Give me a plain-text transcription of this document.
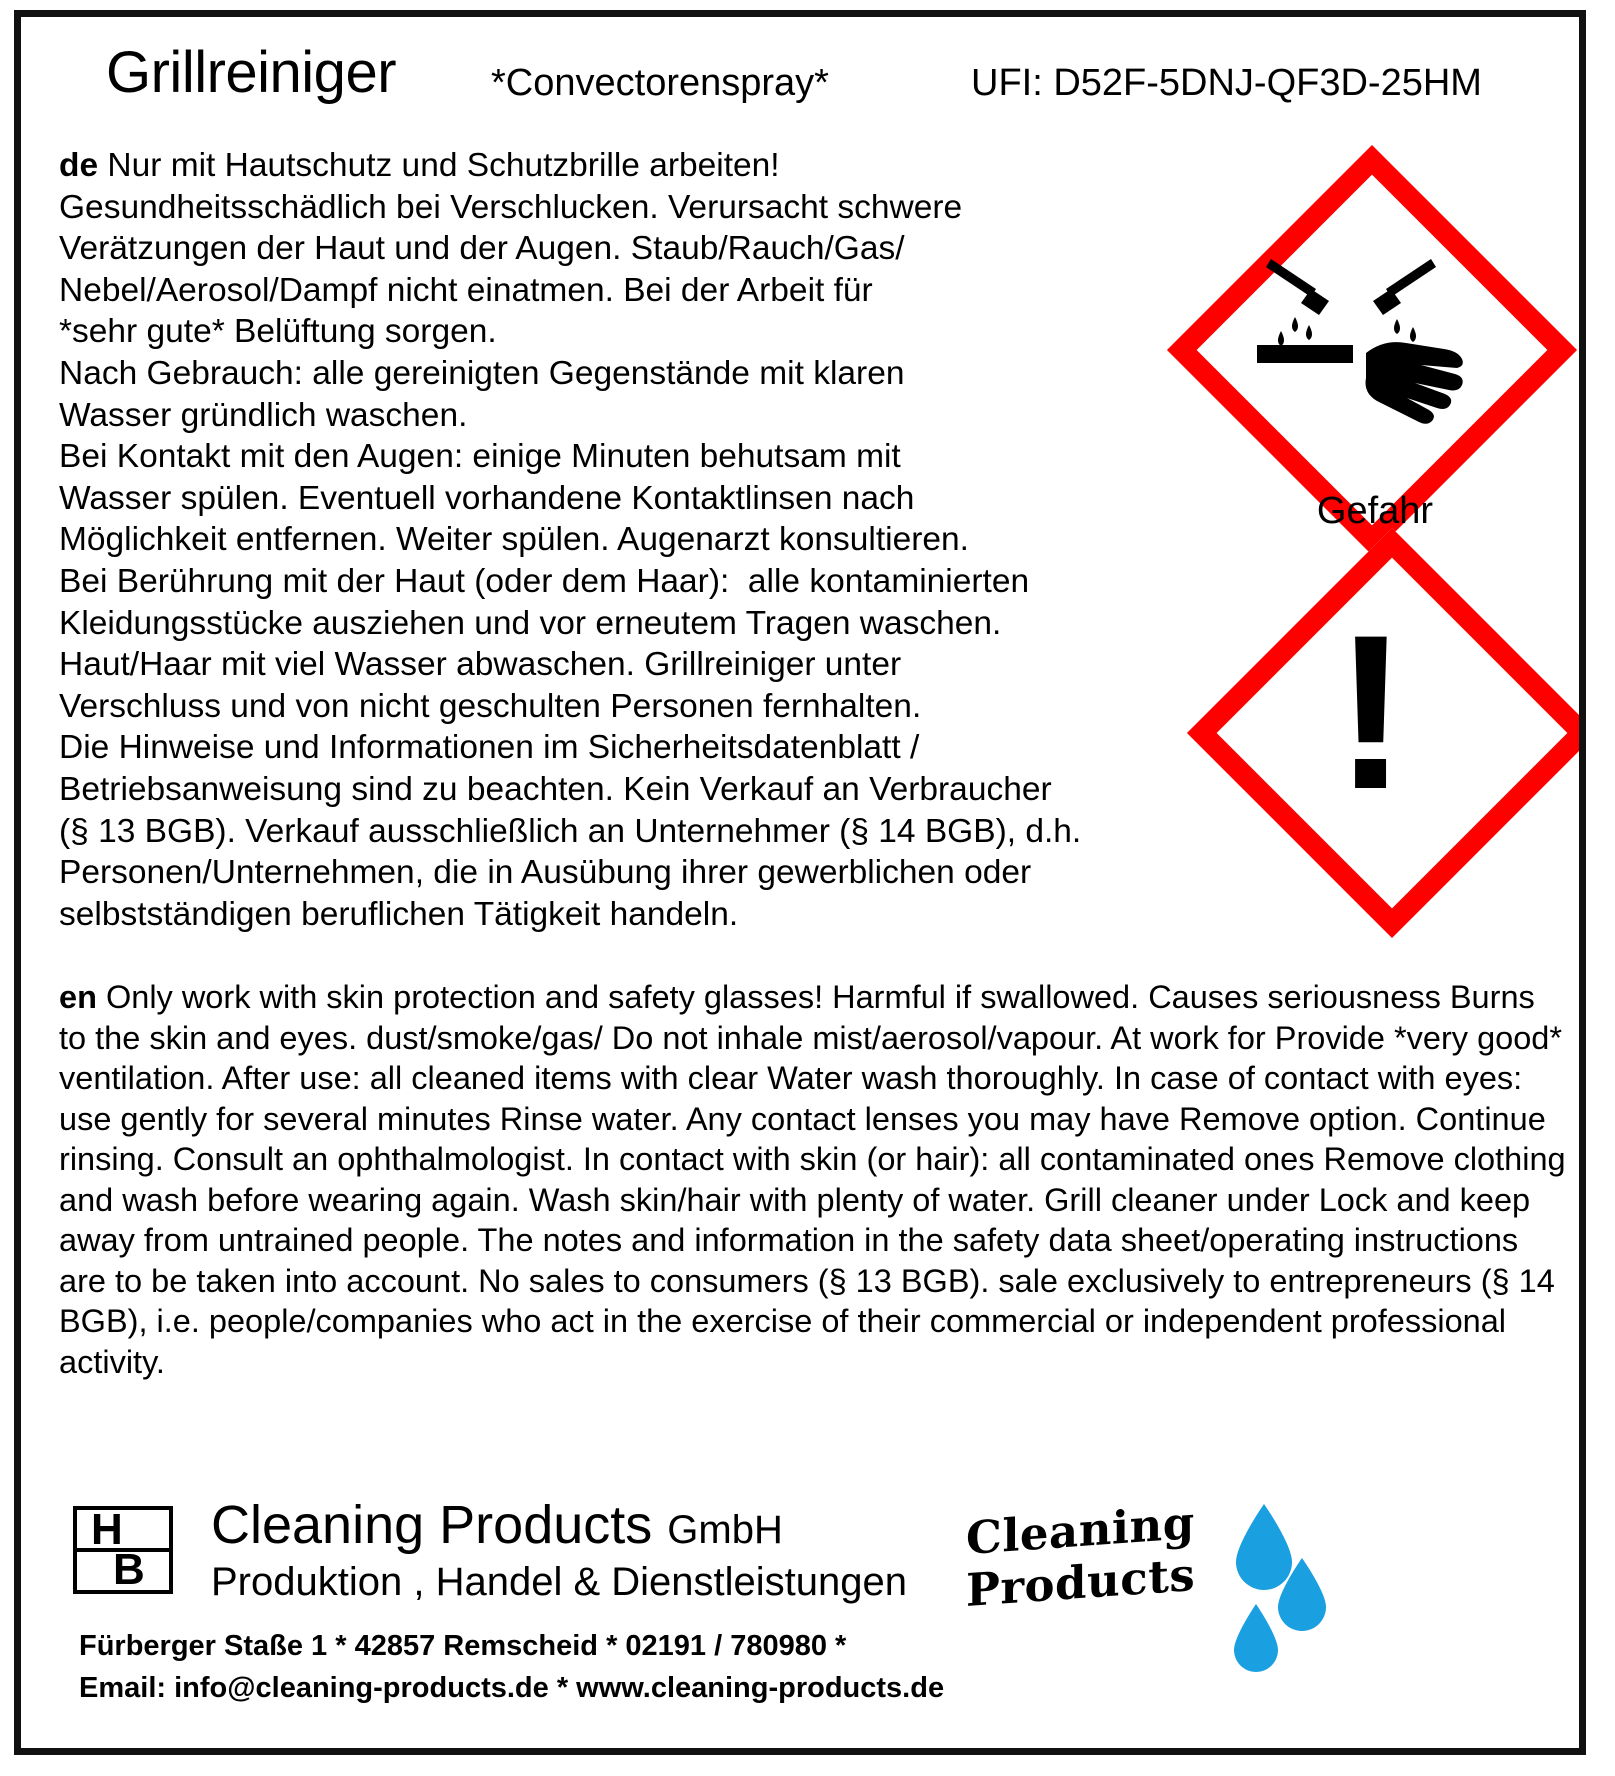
Grillreiniger *Convectorenspray*	UFI: D52F-5DNJ-QF3D-25HM
de Nur mit Hautschutz und Schutzbrille arbeiten!
Gesundheitsschädlich bei Verschlucken. Verursacht schwere
Verätzungen der Haut und der Augen. Staub/Rauch/Gas/
Nebel/Aerosol/Dampf nicht einatmen. Bei der Arbeit für
*sehr gute* Belüftung sorgen.
Nach Gebrauch: alle gereinigten Gegenstände mit klaren
Wasser gründlich waschen.
Bei Kontakt mit den Augen: einige Minuten behutsam mit
Wasser spülen. Eventuell vorhandene Kontaktlinsen nach
Möglichkeit entfernen. Weiter spülen. Augenarzt konsultieren.
Bei Berührung mit der Haut (oder dem Haar):  alle kontaminierten
Kleidungsstücke ausziehen und vor erneutem Tragen waschen.
Haut/Haar mit viel Wasser abwaschen. Grillreiniger unter
Verschluss und von nicht geschulten Personen fernhalten.
Die Hinweise und Informationen im Sicherheitsdatenblatt /
Betriebsanweisung sind zu beachten. Kein Verkauf an Verbraucher
(§ 13 BGB). Verkauf ausschließlich an Unternehmer (§ 14 BGB), d.h.
Personen/Unternehmen, die in Ausübung ihrer gewerblichen oder
selbstständigen beruflichen Tätigkeit handeln.
Gefahr
!
en Only work with skin protection and safety glasses! Harmful if swallowed. Causes seriousness Burns to the skin and eyes. dust/smoke/gas/ Do not inhale mist/aerosol/vapour. At work for Provide *very good* ventilation. After use: all cleaned items with clear Water wash thoroughly. In case of contact with eyes: use gently for several minutes Rinse water. Any contact lenses you may have Remove option. Continue rinsing. Consult an ophthalmologist. In contact with skin (or hair): all contaminated ones Remove clothing and wash before wearing again. Wash skin/hair with plenty of water. Grill cleaner under Lock and keep away from untrained people. The notes and information in the safety data sheet/operating instructions are to be taken into account. No sales to consumers (§ 13 BGB). sale exclusively to entrepreneurs (§ 14 BGB), i.e. people/companies who act in the exercise of their commercial or independent professional activity.
H
B
Cleaning Products GmbH
Produktion , Handel & Dienstleistungen
Fürberger Staße 1 * 42857 Remscheid * 02191 / 780980 *
Email: info@cleaning-products.de * www.cleaning-products.de
Cleaning
Products
